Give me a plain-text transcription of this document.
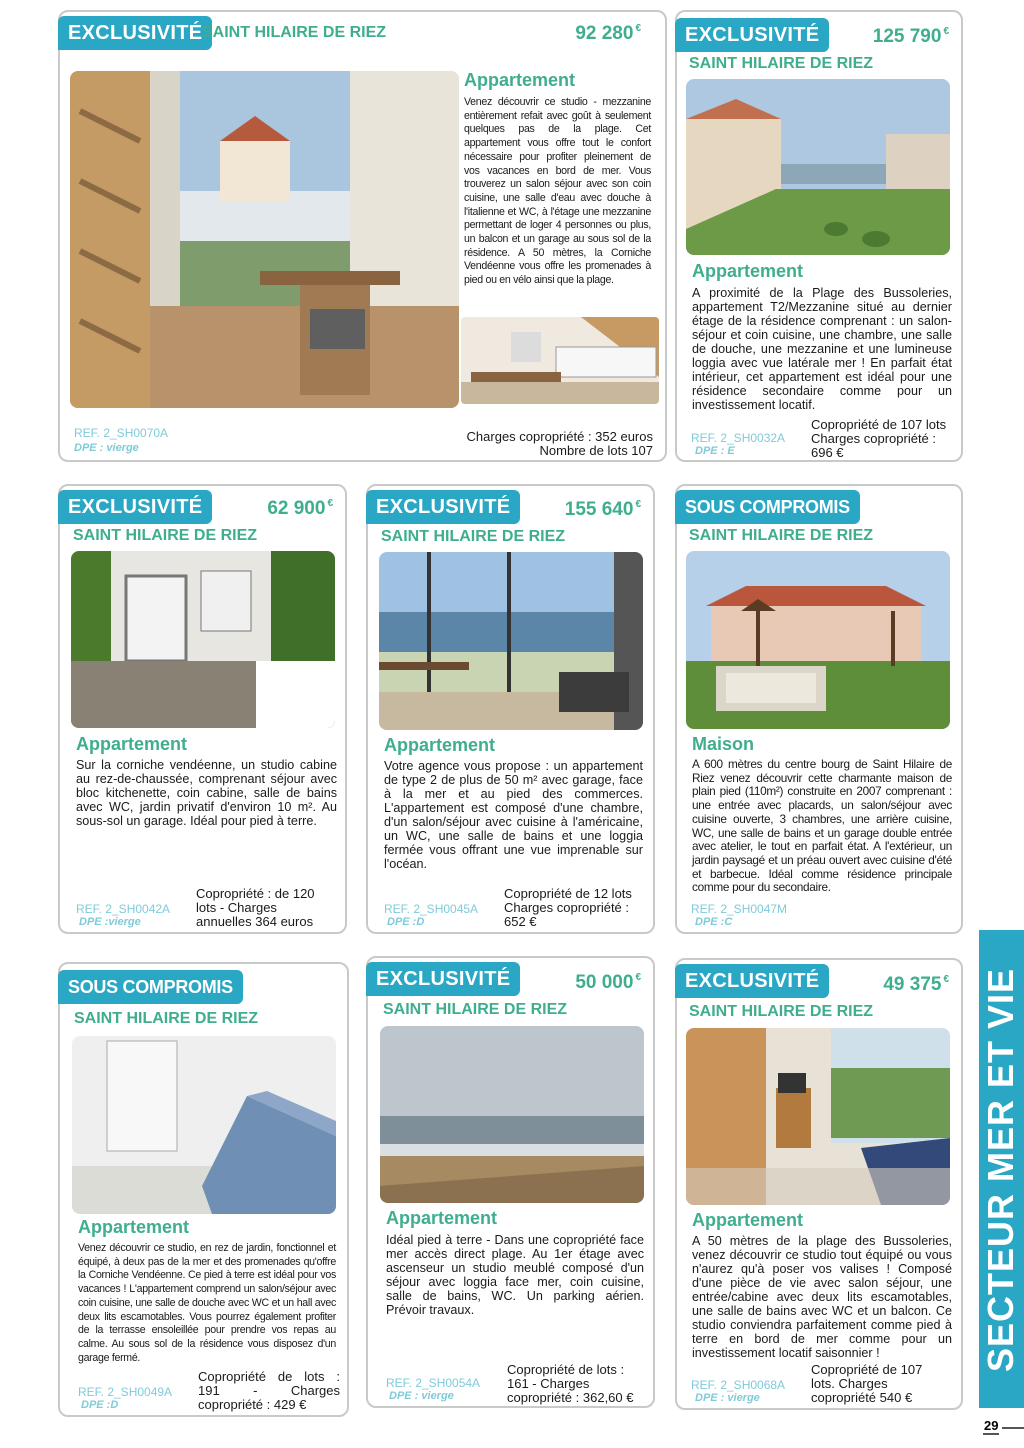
EXCLUSIVITÉ SAINT HILAIRE DE RIEZ	92 280 €
Appartement
Venez découvrir ce studio - mezzanine entièrement refait avec goût à seulement quelques pas de la plage. Cet appartement vous offre tout le confort nécessaire pour profiter pleinement de vos vacances en bord de mer. Vous trouverez un salon séjour avec son coin cuisine, une salle d'eau avec douche à l'italienne et WC, à l'étage une mezzanine permettant de loger 4 personnes ou plus, un balcon et un garage au sous sol de la résidence. A 50 mètres, la Corniche Vendéenne vous offre les promenades à pied ou en vélo ainsi que la plage.
REF. 2_SH0070A
DPE : vierge
Charges copropriété : 352 euros
Nombre de lots 107
EXCLUSIVITÉ	125 790 €
SAINT HILAIRE DE RIEZ
Appartement
A proximité de la Plage des Bussoleries, appartement T2/Mezzanine situé au dernier étage de la résidence comprenant : un salon-séjour et coin cuisine, une chambre, une salle de douche, une mezzanine et une lumineuse loggia avec vue latérale mer ! En parfait état intérieur, cet appartement est idéal pour une résidence secondaire comme pour un investissement locatif.
REF. 2_SH0032A
DPE : E
Copropriété de 107 lots Charges copropriété : 696 €
EXCLUSIVITÉ	62 900 €
SAINT HILAIRE DE RIEZ
Appartement
Sur la corniche vendéenne, un studio cabine au rez-de-chaussée, comprenant séjour avec bloc kitchenette, coin cabine, salle de bains avec WC, jardin privatif d'environ 10 m². Au sous-sol un garage. Idéal pour pied à terre.
REF. 2_SH0042A
DPE :vierge
Copropriété : de 120 lots - Charges annuelles 364 euros
EXCLUSIVITÉ	155 640 €
SAINT HILAIRE DE RIEZ
Appartement
Votre agence vous propose : un appartement de type 2 de plus de 50 m² avec garage, face à la mer et au pied des commerces. L'appartement est composé d'une chambre, d'un salon/séjour avec cuisine à l'américaine, un WC, une salle de bains et une loggia fermée vous offrant une vue imprenable sur l'océan.
REF. 2_SH0045A
DPE :D
Copropriété de 12 lots Charges copropriété : 652 €
SOUS COMPROMIS
SAINT HILAIRE DE RIEZ
Maison
A 600 mètres du centre bourg de Saint Hilaire de Riez venez découvrir cette charmante maison de plain pied (110m²) construite en 2007 comprenant : une entrée avec placards, un salon/séjour avec cuisine ouverte, 3 chambres, une arrière cuisine, WC, une salle de bains et un garage double entrée avec atelier, le tout en parfait état. A l'extérieur, un jardin paysagé et un préau ouvert avec cuisine d'été et barbecue. Idéal comme résidence principale comme pour du secondaire.
REF. 2_SH0047M
DPE :C
SOUS COMPROMIS
SAINT HILAIRE DE RIEZ
Appartement
Venez découvrir ce studio, en rez de jardin, fonctionnel et équipé, à deux pas de la mer et des promenades qu'offre la Corniche Vendéenne. Ce pied à terre est idéal pour vos vacances ! L'appartement comprend un salon/séjour avec coin cuisine, une salle de douche avec WC et un hall avec deux lits escamotables. Vous pourrez également profiter de la terrasse ensoleillée pour prendre vos repas au calme. Au sous sol de la résidence vous disposez d'un garage fermé.
REF. 2_SH0049A
DPE :D
Copropriété de lots : 191 - Charges copropriété : 429 €
EXCLUSIVITÉ	50 000 €
SAINT HILAIRE DE RIEZ
Appartement
Idéal pied à terre - Dans une copropriété face mer accès direct plage. Au 1er étage avec ascenseur un studio meublé composé d'un séjour avec loggia face mer, coin cuisine, salle de bains, WC. Un parking aérien. Prévoir travaux.
REF. 2_SH0054A
DPE : vierge
Copropriété de lots : 161 - Charges copropriété : 362,60 €
EXCLUSIVITÉ	49 375 €
SAINT HILAIRE DE RIEZ
Appartement
A 50 mètres de la plage des Bussoleries, venez découvrir ce studio tout équipé ou vous n'aurez qu'à poser vos valises ! Composé d'une pièce de vie avec salon séjour, une entrée/cabine avec deux lits escamotables, une salle de bains avec WC et un balcon. Ce studio conviendra parfaitement comme pied à terre en bord de mer comme pour un investissement locatif saisonnier !
REF. 2_SH0068A
DPE : vierge
Copropriété de 107 lots. Charges copropriété 540 €
SECTEUR MER ET VIE
29
